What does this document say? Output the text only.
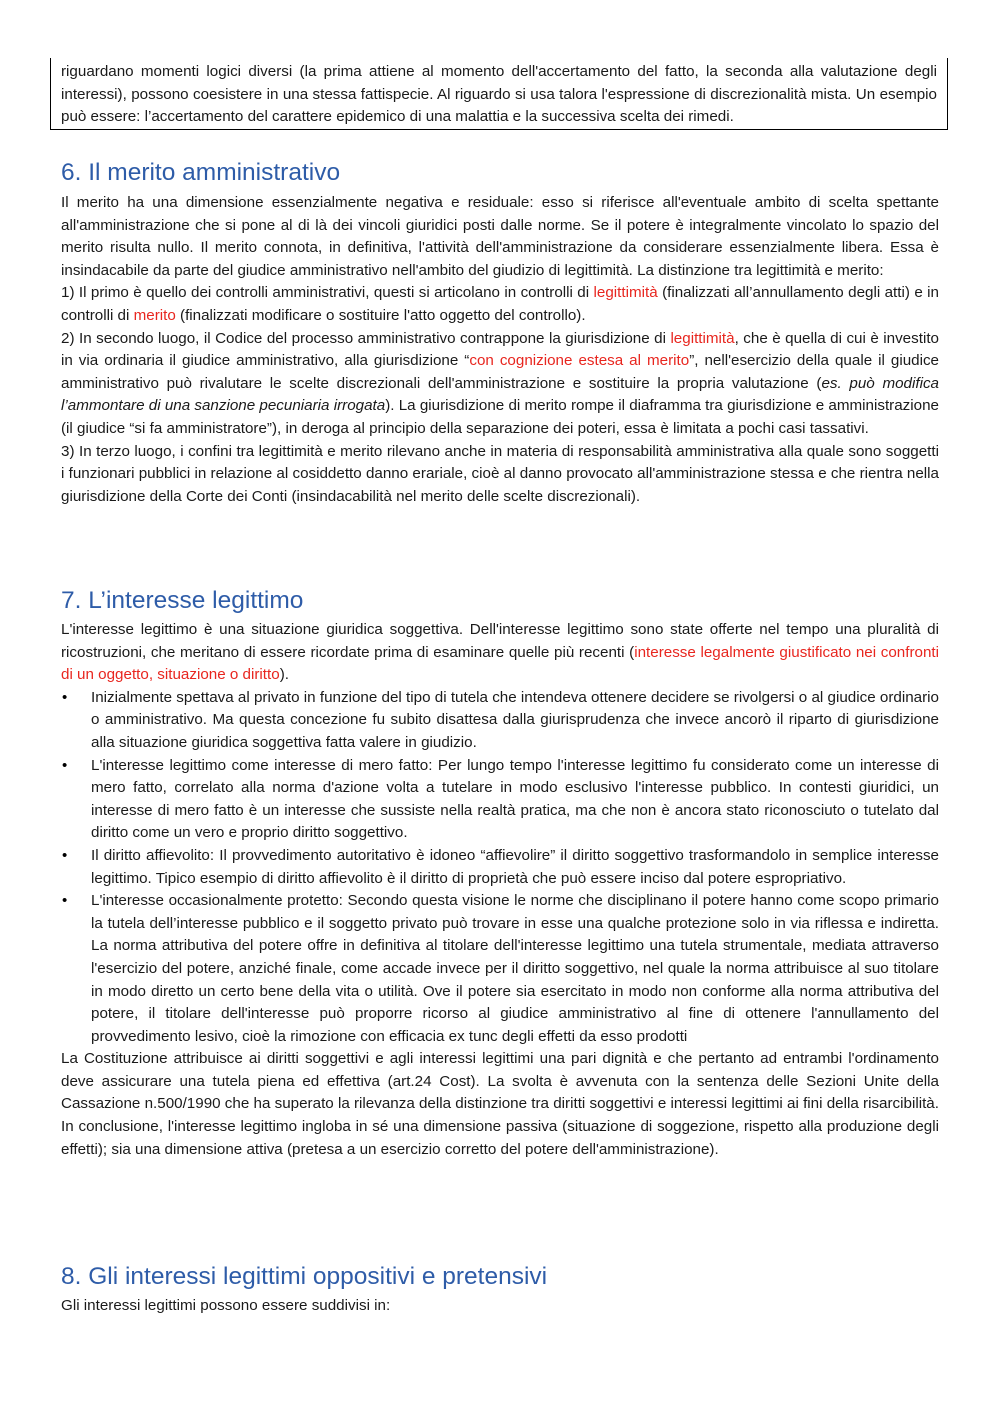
riguardano momenti logici diversi (la prima attiene al momento dell'accertamento del fatto, la seconda alla valutazione degli interessi), possono coesistere in una stessa fattispecie. Al riguardo si usa talora l'espressione di discrezionalità mista. Un esempio può essere: l’accertamento del carattere epidemico di una malattia e la successiva scelta dei rimedi.

6. Il merito amministrativo

Il merito ha una dimensione essenzialmente negativa e residuale: esso si riferisce all'eventuale ambito di scelta spettante all'amministrazione che si pone al di là dei vincoli giuridici posti dalle norme. Se il potere è integralmente vincolato lo spazio del merito risulta nullo. Il merito connota, in definitiva, l'attività dell'amministrazione da considerare essenzialmente libera. Essa è insindacabile da parte del giudice amministrativo nell'ambito del giudizio di legittimità. La distinzione tra legittimità e merito:

1) Il primo è quello dei controlli amministrativi, questi si articolano in controlli di legittimità (finalizzati all’annullamento degli atti) e in controlli di merito (finalizzati modificare o sostituire l'atto oggetto del controllo).

2) In secondo luogo, il Codice del processo amministrativo contrappone la giurisdizione di legittimità, che è quella di cui è investito in via ordinaria il giudice amministrativo, alla giurisdizione “con cognizione estesa al merito”, nell'esercizio della quale il giudice amministrativo può rivalutare le scelte discrezionali dell'amministrazione e sostituire la propria valutazione (es. può modifica l’ammontare di una sanzione pecuniaria irrogata). La giurisdizione di merito rompe il diaframma tra giurisdizione e amministrazione (il giudice “si fa amministratore”), in deroga al principio della separazione dei poteri, essa è limitata a pochi casi tassativi.

3) In terzo luogo, i confini tra legittimità e merito rilevano anche in materia di responsabilità amministrativa alla quale sono soggetti i funzionari pubblici in relazione al cosiddetto danno erariale, cioè al danno provocato all'amministrazione stessa e che rientra nella giurisdizione della Corte dei Conti (insindacabilità nel merito delle scelte discrezionali).

7. L’interesse legittimo

L'interesse legittimo è una situazione giuridica soggettiva. Dell'interesse legittimo sono state offerte nel tempo una pluralità di ricostruzioni, che meritano di essere ricordate prima di esaminare quelle più recenti (interesse legalmente giustificato nei confronti di un oggetto, situazione o diritto).

• Inizialmente spettava al privato in funzione del tipo di tutela che intendeva ottenere decidere se rivolgersi o al giudice ordinario o amministrativo. Ma questa concezione fu subito disattesa dalla giurisprudenza che invece ancorò il riparto di giurisdizione alla situazione giuridica soggettiva fatta valere in giudizio.
• L'interesse legittimo come interesse di mero fatto: Per lungo tempo l'interesse legittimo fu considerato come un interesse di mero fatto, correlato alla norma d'azione volta a tutelare in modo esclusivo l'interesse pubblico. In contesti giuridici, un interesse di mero fatto è un interesse che sussiste nella realtà pratica, ma che non è ancora stato riconosciuto o tutelato dal diritto come un vero e proprio diritto soggettivo.
• Il diritto affievolito: Il provvedimento autoritativo è idoneo “affievolire” il diritto soggettivo trasformandolo in semplice interesse legittimo. Tipico esempio di diritto affievolito è il diritto di proprietà che può essere inciso dal potere espropriativo.
• L'interesse occasionalmente protetto: Secondo questa visione le norme che disciplinano il potere hanno come scopo primario la tutela dell’interesse pubblico e il soggetto privato può trovare in esse una qualche protezione solo in via riflessa e indiretta. La norma attributiva del potere offre in definitiva al titolare dell'interesse legittimo una tutela strumentale, mediata attraverso l'esercizio del potere, anziché finale, come accade invece per il diritto soggettivo, nel quale la norma attribuisce al suo titolare in modo diretto un certo bene della vita o utilità. Ove il potere sia esercitato in modo non conforme alla norma attributiva del potere, il titolare dell'interesse può proporre ricorso al giudice amministrativo al fine di ottenere l'annullamento del provvedimento lesivo, cioè la rimozione con efficacia ex tunc degli effetti da esso prodotti

La Costituzione attribuisce ai diritti soggettivi e agli interessi legittimi una pari dignità e che pertanto ad entrambi l'ordinamento deve assicurare una tutela piena ed effettiva (art.24 Cost). La svolta è avvenuta con la sentenza delle Sezioni Unite della Cassazione n.500/1990 che ha superato la rilevanza della distinzione tra diritti soggettivi e interessi legittimi ai fini della risarcibilità.

In conclusione, l'interesse legittimo ingloba in sé una dimensione passiva (situazione di soggezione, rispetto alla produzione degli effetti); sia una dimensione attiva (pretesa a un esercizio corretto del potere dell'amministrazione).

8. Gli interessi legittimi oppositivi e pretensivi

Gli interessi legittimi possono essere suddivisi in:
